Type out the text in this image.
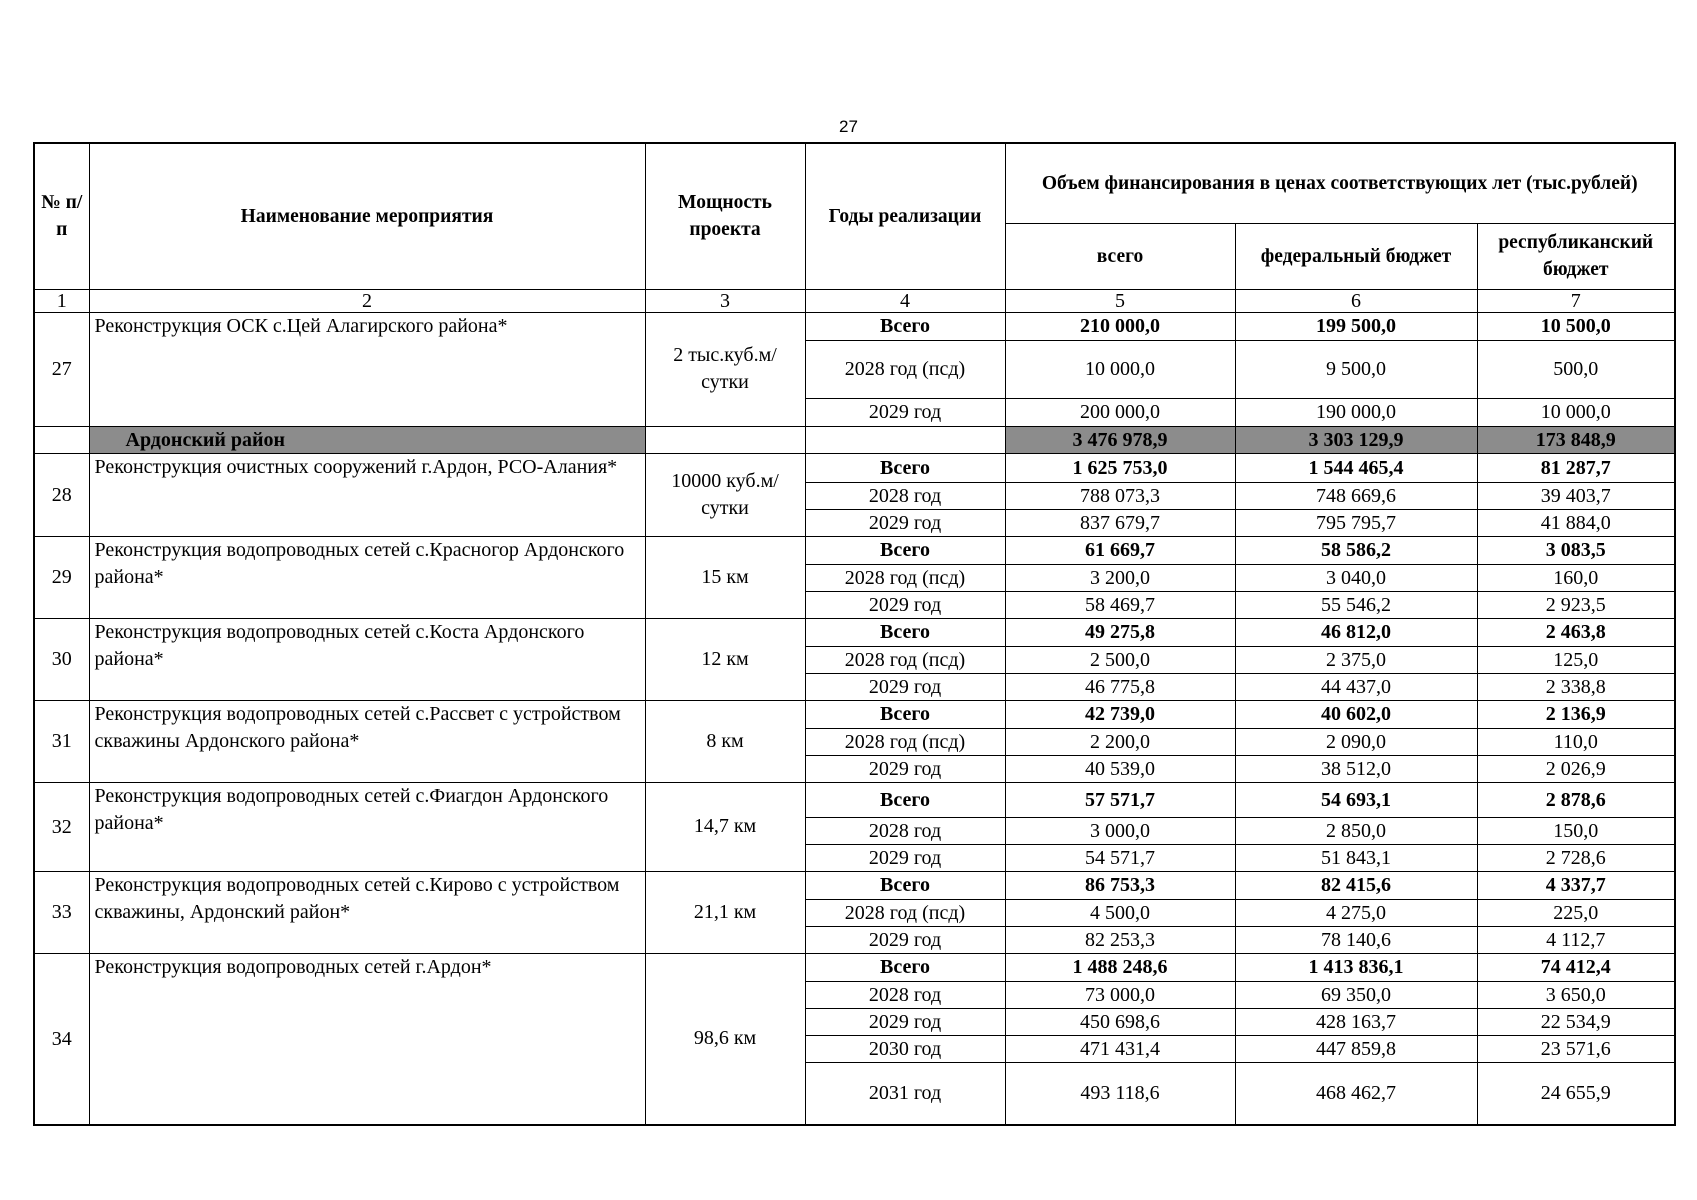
27
№ п/п	Наименование мероприятия	Мощность проекта	Годы реализации	Объем финансирования в ценах соответствующих лет (тыс.рублей)		
				всего	федеральный бюджет	республиканский бюджет
1	2	3	4	5	6	7
27	Реконструкция ОСК с.Цей Алагирского района*	2 тыс.куб.м/сутки	Всего	210 000,0	199 500,0	10 500,0
			2028 год (псд)	10 000,0	9 500,0	500,0
			2029 год	200 000,0	190 000,0	10 000,0
	Ардонский район			3 476 978,9	3 303 129,9	173 848,9
28	Реконструкция очистных сооружений г.Ардон, РСО-Алания*	10000 куб.м/сутки	Всего	1 625 753,0	1 544 465,4	81 287,7
			2028 год	788 073,3	748 669,6	39 403,7
			2029 год	837 679,7	795 795,7	41 884,0
29	Реконструкция водопроводных сетей с.Красногор Ардонского района*	15 км	Всего	61 669,7	58 586,2	3 083,5
			2028 год (псд)	3 200,0	3 040,0	160,0
			2029 год	58 469,7	55 546,2	2 923,5
30	Реконструкция водопроводных сетей с.Коста Ардонского района*	12 км	Всего	49 275,8	46 812,0	2 463,8
			2028 год (псд)	2 500,0	2 375,0	125,0
			2029 год	46 775,8	44 437,0	2 338,8
31	Реконструкция водопроводных сетей с.Рассвет с устройством скважины Ардонского района*	8 км	Всего	42 739,0	40 602,0	2 136,9
			2028 год (псд)	2 200,0	2 090,0	110,0
			2029 год	40 539,0	38 512,0	2 026,9
32	Реконструкция водопроводных сетей с.Фиагдон Ардонского района*	14,7 км	Всего	57 571,7	54 693,1	2 878,6
			2028 год	3 000,0	2 850,0	150,0
			2029 год	54 571,7	51 843,1	2 728,6
33	Реконструкция водопроводных сетей с.Кирово с устройством скважины, Ардонский район*	21,1 км	Всего	86 753,3	82 415,6	4 337,7
			2028 год (псд)	4 500,0	4 275,0	225,0
			2029 год	82 253,3	78 140,6	4 112,7
34	Реконструкция водопроводных сетей г.Ардон*	98,6 км	Всего	1 488 248,6	1 413 836,1	74 412,4
			2028 год	73 000,0	69 350,0	3 650,0
			2029 год	450 698,6	428 163,7	22 534,9
			2030 год	471 431,4	447 859,8	23 571,6
			2031 год	493 118,6	468 462,7	24 655,9
